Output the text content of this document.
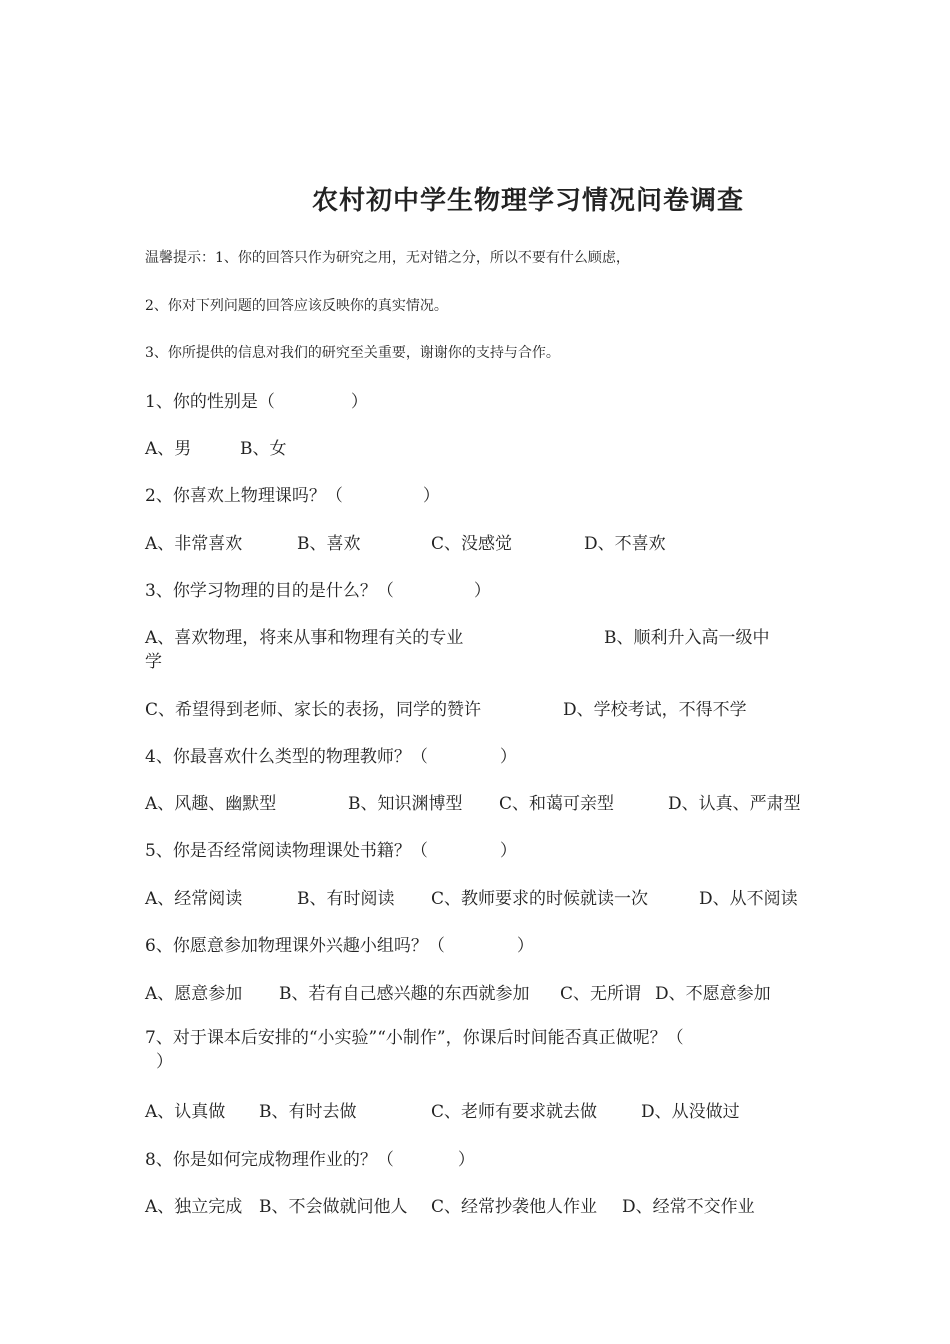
农村初中学生物理学习情况问卷调查
温馨提示：1、你的回答只作为研究之用，无对错之分，所以不要有什么顾虑，
2、你对下列问题的回答应该反映你的真实情况。
3、你所提供的信息对我们的研究至关重要，谢谢你的支持与合作。
1、你的性别是（	）
A、男	B、女
2、你喜欢上物理课吗？（	）
A、非常喜欢	B、喜欢	C、没感觉	D、不喜欢
3、你学习物理的目的是什么？（	）
A、喜欢物理，将来从事和物理有关的专业	B、顺利升入高一级中
学
C、希望得到老师、家长的表扬，同学的赞许	D、学校考试，不得不学
4、你最喜欢什么类型的物理教师？（	）
A、风趣、幽默型	B、知识渊博型 C、和蔼可亲型	D、认真、严肃型
5、你是否经常阅读物理课处书籍？（	）
A、经常阅读	B、有时阅读 C、教师要求的时候就读一次	D、从不阅读
6、你愿意参加物理课外兴趣小组吗？（	）
A、愿意参加 B、若有自己感兴趣的东西就参加 C、无所谓 D、不愿意参加
7、对于课本后安排的“小实验”“小制作”，你课后时间能否真正做呢？（
）
A、认真做 B、有时去做	C、老师有要求就去做	D、从没做过
8、你是如何完成物理作业的？（	）
A、独立完成 B、不会做就问他人 C、经常抄袭他人作业 D、经常不交作业
